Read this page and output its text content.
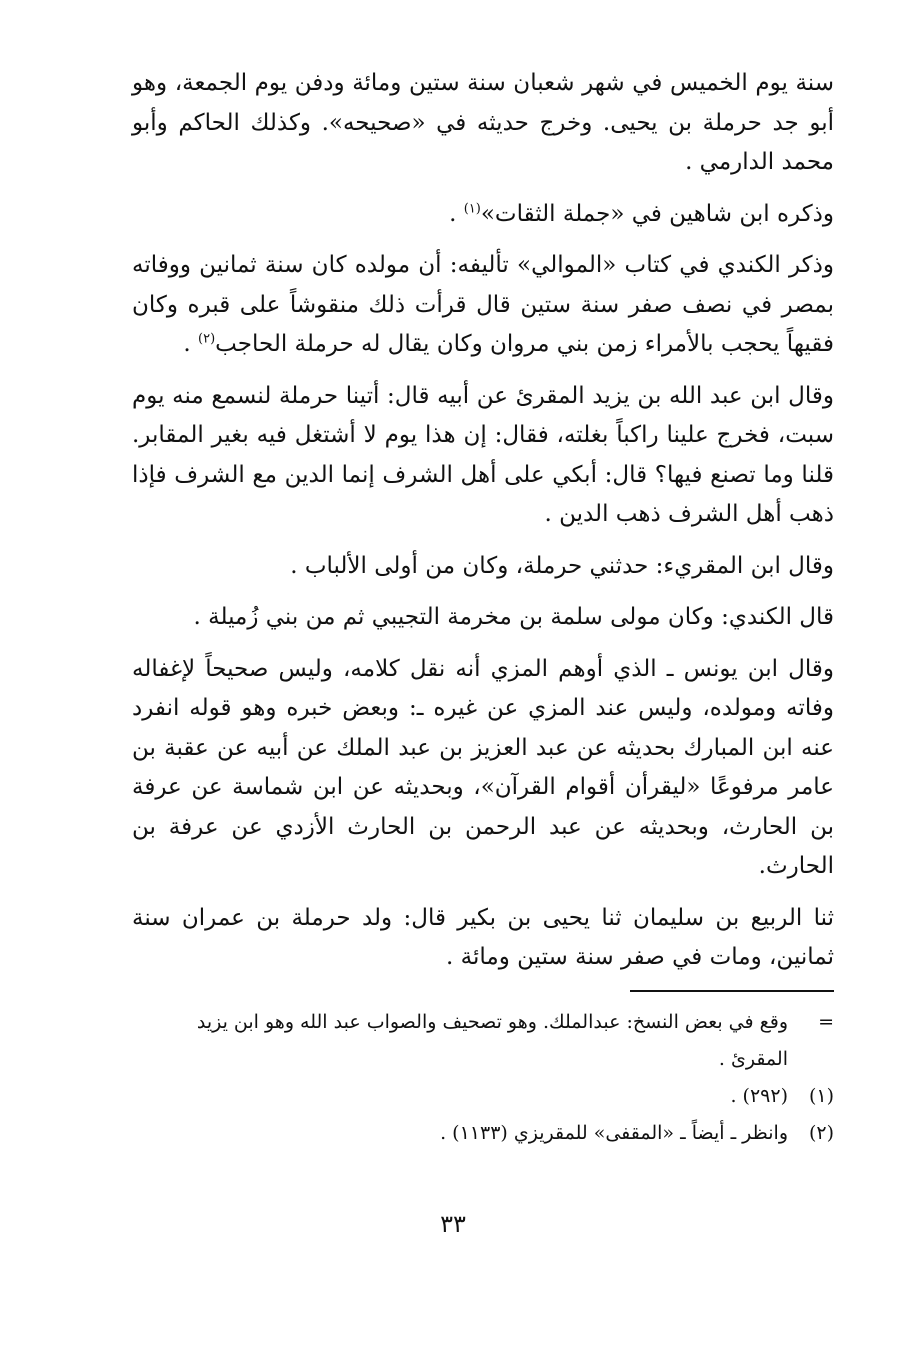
سنة يوم الخميس في شهر شعبان سنة ستين ومائة ودفن يوم الجمعة، وهو أبو جد حرملة بن يحيى. وخرج حديثه في «صحيحه». وكذلك الحاكم وأبو محمد الدارمي .

وذكره ابن شاهين في «جملة الثقات»$^{(١)}$ .

وذكر الكندي في كتاب «الموالي» تأليفه: أن مولده كان سنة ثمانين ووفاته بمصر في نصف صفر سنة ستين قال قرأت ذلك منقوشاً على قبره وكان فقيهاً يحجب بالأمراء زمن بني مروان وكان يقال له حرملة الحاجب$^{(٢)}$ .

وقال ابن عبد الله بن يزيد المقرئ عن أبيه قال: أتينا حرملة لنسمع منه يوم سبت، فخرج علينا راكباً بغلته، فقال: إن هذا يوم لا أشتغل فيه بغير المقابر. قلنا وما تصنع فيها؟ قال: أبكي على أهل الشرف إنما الدين مع الشرف فإذا ذهب أهل الشرف ذهب الدين .

وقال ابن المقريء: حدثني حرملة، وكان من أولى الألباب .

قال الكندي: وكان مولى سلمة بن مخرمة التجيبي ثم من بني زُميلة .

وقال ابن يونس ـ الذي أوهم المزي أنه نقل كلامه، وليس صحيحاً لإغفاله وفاته ومولده، وليس عند المزي عن غيره ـ: وبعض خبره وهو قوله انفرد عنه ابن المبارك بحديثه عن عبد العزيز بن عبد الملك عن أبيه عن عقبة بن عامر مرفوعًا «ليقرأن أقوام القرآن»، وبحديثه عن ابن شماسة عن عرفة بن الحارث، وبحديثه عن عبد الرحمن بن الحارث الأزدي عن عرفة بن الحارث.

ثنا الربيع بن سليمان ثنا يحيى بن بكير قال: ولد حرملة بن عمران سنة ثمانين، ومات في صفر سنة ستين ومائة .

=
وقع في بعض النسخ: عبدالملك. وهو تصحيف والصواب عبد الله وهو ابن يزيد
المقرئ .
(١)
(٢٩٢) .
(٢)
وانظر ـ أيضاً ـ «المقفى» للمقريزي (١١٣٣) .
٣٣
